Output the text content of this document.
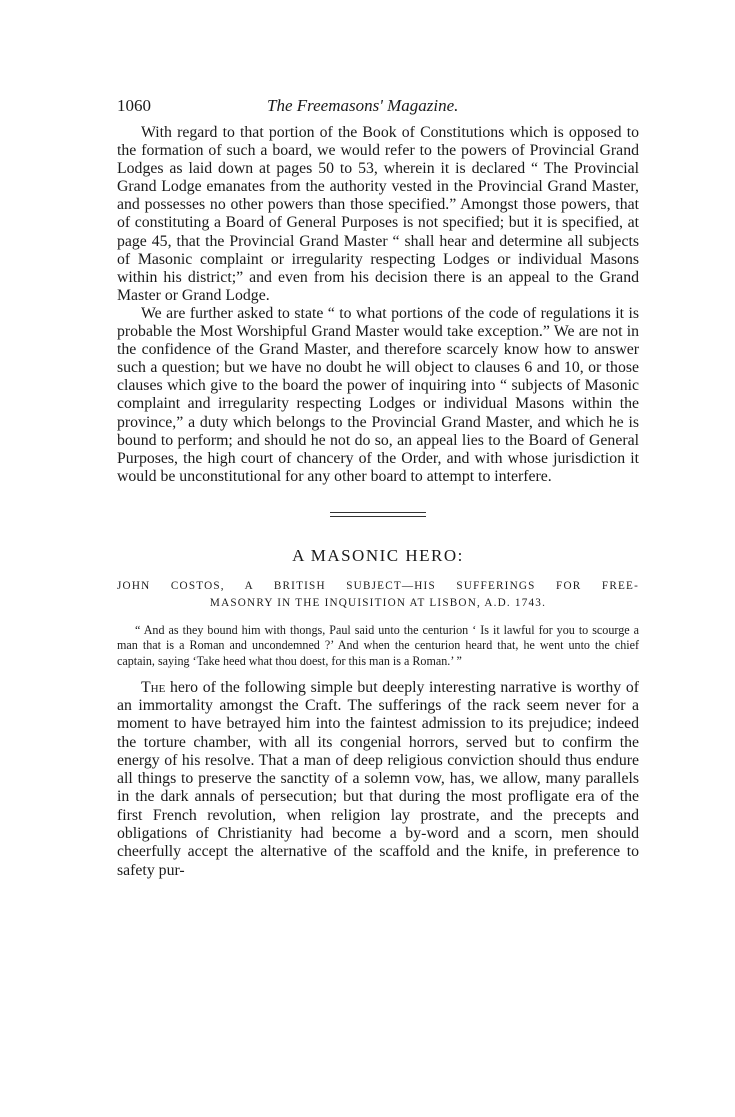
1060	The Freemasons' Magazine.

With regard to that portion of the Book of Constitutions which is opposed to the formation of such a board, we would refer to the powers of Provincial Grand Lodges as laid down at pages 50 to 53, wherein it is declared “ The Provincial Grand Lodge emanates from the authority vested in the Provincial Grand Master, and possesses no other powers than those specified.” Amongst those powers, that of constituting a Board of General Purposes is not specified; but it is specified, at page 45, that the Provincial Grand Master “ shall hear and determine all subjects of Masonic complaint or irregularity respecting Lodges or individual Masons within his district;” and even from his decision there is an appeal to the Grand Master or Grand Lodge.

We are further asked to state “ to what portions of the code of regulations it is probable the Most Worshipful Grand Master would take exception.” We are not in the confidence of the Grand Master, and therefore scarcely know how to answer such a question; but we have no doubt he will object to clauses 6 and 10, or those clauses which give to the board the power of inquiring into “ subjects of Masonic complaint and irregularity respecting Lodges or individual Masons within the province,” a duty which belongs to the Provincial Grand Master, and which he is bound to perform; and should he not do so, an appeal lies to the Board of General Purposes, the high court of chancery of the Order, and with whose jurisdiction it would be unconstitutional for any other board to attempt to interfere.

A MASONIC HERO:
JOHN COSTOS, A BRITISH SUBJECT—HIS SUFFERINGS FOR FREE-
MASONRY IN THE INQUISITION AT LISBON, A.D. 1743.
“ And as they bound him with thongs, Paul said unto the centurion ‘ Is it lawful for you to scourge a man that is a Roman and uncondemned ?’ And when the centurion heard that, he went unto the chief captain, saying ‘Take heed what thou doest, for this man is a Roman.’ ”

The hero of the following simple but deeply interesting narrative is worthy of an immortality amongst the Craft. The sufferings of the rack seem never for a moment to have betrayed him into the faintest admission to its prejudice; indeed the torture chamber, with all its congenial horrors, served but to confirm the energy of his resolve. That a man of deep religious conviction should thus endure all things to preserve the sanctity of a solemn vow, has, we allow, many parallels in the dark annals of persecution; but that during the most profligate era of the first French revolution, when religion lay prostrate, and the precepts and obligations of Christianity had become a by-word and a scorn, men should cheerfully accept the alternative of the scaffold and the knife, in preference to safety pur-
